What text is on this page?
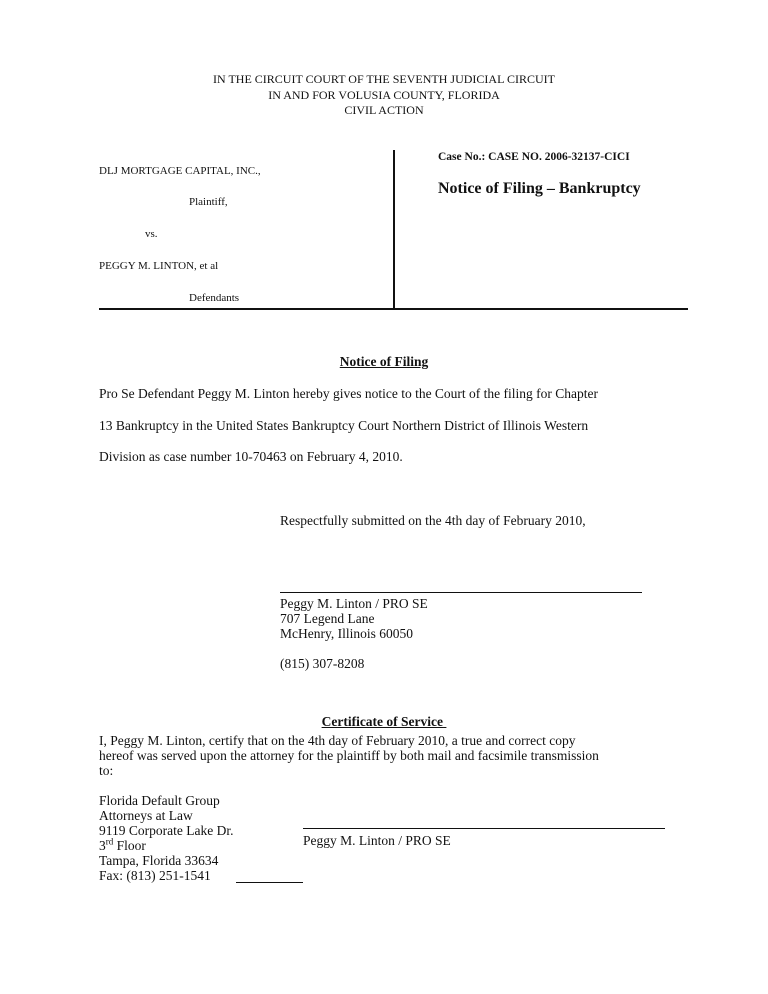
IN THE CIRCUIT COURT OF THE SEVENTH JUDICIAL CIRCUIT
IN AND FOR VOLUSIA COUNTY, FLORIDA
CIVIL ACTION
DLJ MORTGAGE CAPITAL, INC.,
Plaintiff,
vs.
PEGGY M. LINTON, et al
Defendants
Case No.: CASE NO. 2006-32137-CICI
Notice of Filing – Bankruptcy
Notice of Filing
Pro Se Defendant Peggy M. Linton hereby gives notice to the Court of the filing for Chapter
13 Bankruptcy in the United States Bankruptcy Court Northern District of Illinois Western
Division as case number 10-70463 on February 4, 2010.
Respectfully submitted on the 4th day of February 2010,
Peggy M. Linton / PRO SE
707 Legend Lane
McHenry, Illinois 60050
(815) 307-8208
Certificate of Service
I, Peggy M. Linton, certify that on the 4th day of February 2010, a true and correct copy
hereof was served upon the attorney for the plaintiff by both mail and facsimile transmission
to:
Florida Default Group
Attorneys at Law
9119 Corporate Lake Dr.
3rd Floor
Tampa, Florida 33634
Fax: (813) 251-1541
Peggy M. Linton / PRO SE
